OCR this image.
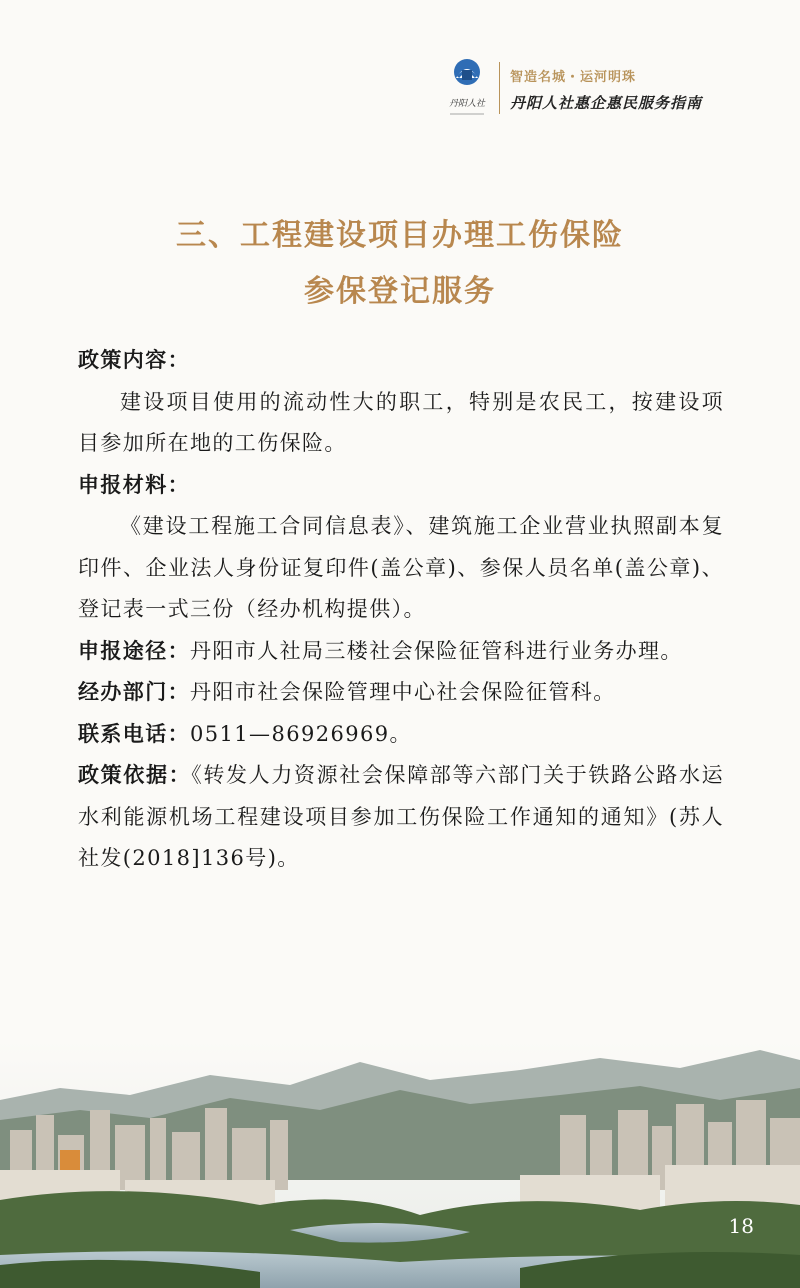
丹阳人社
智造名城・运河明珠
丹阳人社惠企惠民服务指南
三、工程建设项目办理工伤保险
参保登记服务
政策内容：
建设项目使用的流动性大的职工，特别是农民工，按建设项目参加所在地的工伤保险。
申报材料：
《建设工程施工合同信息表》、建筑施工企业营业执照副本复印件、企业法人身份证复印件(盖公章)、参保人员名单(盖公章)、登记表一式三份（经办机构提供）。
申报途径：丹阳市人社局三楼社会保险征管科进行业务办理。
经办部门：丹阳市社会保险管理中心社会保险征管科。
联系电话：0511—86926969。
政策依据：《转发人力资源社会保障部等六部门关于铁路公路水运水利能源机场工程建设项目参加工伤保险工作通知的通知》(苏人社发(2018]136号)。
18
